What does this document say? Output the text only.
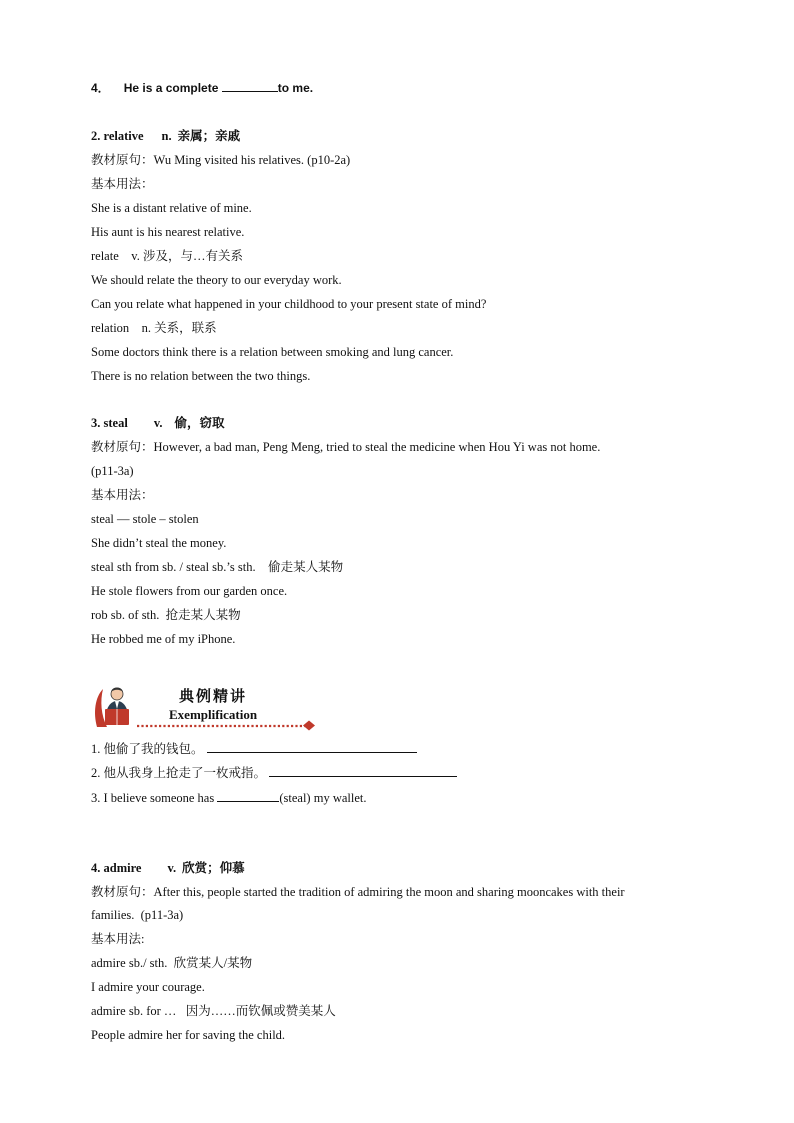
4． He is a complete	to me.
2. relative n. 亲属；亲戚
教材原句：Wu Ming visited his relatives. (p10-2a)
基本用法：
She is a distant relative of mine.
His aunt is his nearest relative.
relate    v. 涉及，与…有关系
We should relate the theory to our everyday work.
Can you relate what happened in your childhood to your present state of mind?
relation    n. 关系，联系
Some doctors think there is a relation between smoking and lung cancer.
There is no relation between the two things.
3. steal v. 偷，窃取
教材原句：However, a bad man, Peng Meng, tried to steal the medicine when Hou Yi was not home.
(p11-3a)
基本用法：
steal — stole – stolen
She didn’t steal the money.
steal sth from sb. / steal sb.’s sth.    偷走某人某物
He stole flowers from our garden once.
rob sb. of sth.  抢走某人某物
He robbed me of my iPhone.
典例精讲
Exemplification
1. 他偷了我的钱包。
2. 他从我身上抢走了一枚戒指。
3. I believe someone has	(steal) my wallet.
4. admire v. 欣赏；仰慕
教材原句：After this, people started the tradition of admiring the moon and sharing mooncakes with their
families.  (p11-3a)
基本用法:
admire sb./ sth.  欣赏某人/某物
I admire your courage.
admire sb. for …   因为……而钦佩或赞美某人
People admire her for saving the child.
